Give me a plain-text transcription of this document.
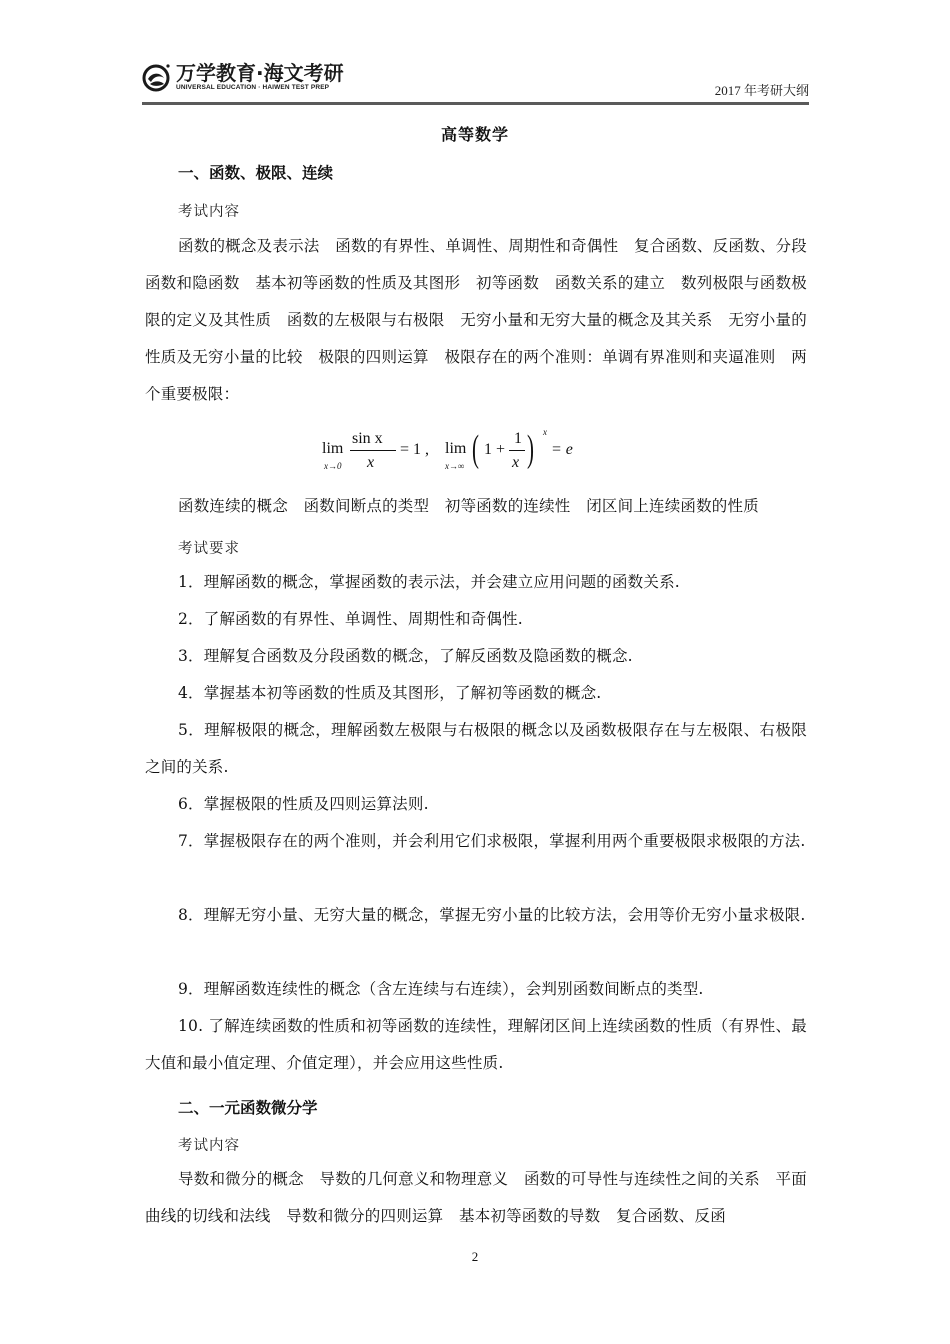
万学教育·海文考研
UNIVERSAL EDUCATION · HAIWEN TEST PREP	2017 年考研大纲
高等数学
一、函数、极限、连续
考试内容
函数的概念及表示法　函数的有界性、单调性、周期性和奇偶性　复合函数、反函数、分段函数和隐函数　基本初等函数的性质及其图形　初等函数　函数关系的建立　数列极限与函数极限的定义及其性质　函数的左极限与右极限　无穷小量和无穷大量的概念及其关系　无穷小量的性质及无穷小量的比较　极限的四则运算　极限存在的两个准则：单调有界准则和夹逼准则　两个重要极限：
lim
x→0
sin x
x
= 1 , lim
x→∞ ( 1 +
1
x ) x
= e
函数连续的概念　函数间断点的类型　初等函数的连续性　闭区间上连续函数的性质
考试要求
1．理解函数的概念，掌握函数的表示法，并会建立应用问题的函数关系.
2．了解函数的有界性、单调性、周期性和奇偶性.
3．理解复合函数及分段函数的概念，了解反函数及隐函数的概念.
4．掌握基本初等函数的性质及其图形，了解初等函数的概念.
5．理解极限的概念，理解函数左极限与右极限的概念以及函数极限存在与左极限、右极限之间的关系.
6．掌握极限的性质及四则运算法则.
7．掌握极限存在的两个准则，并会利用它们求极限，掌握利用两个重要极限求极限的方法.
8．理解无穷小量、无穷大量的概念，掌握无穷小量的比较方法，会用等价无穷小量求极限.
9．理解函数连续性的概念（含左连续与右连续），会判别函数间断点的类型.
10. 了解连续函数的性质和初等函数的连续性，理解闭区间上连续函数的性质（有界性、最大值和最小值定理、介值定理），并会应用这些性质.
二、一元函数微分学
考试内容
导数和微分的概念　导数的几何意义和物理意义　函数的可导性与连续性之间的关系　平面曲线的切线和法线　导数和微分的四则运算　基本初等函数的导数　复合函数、反函
2
